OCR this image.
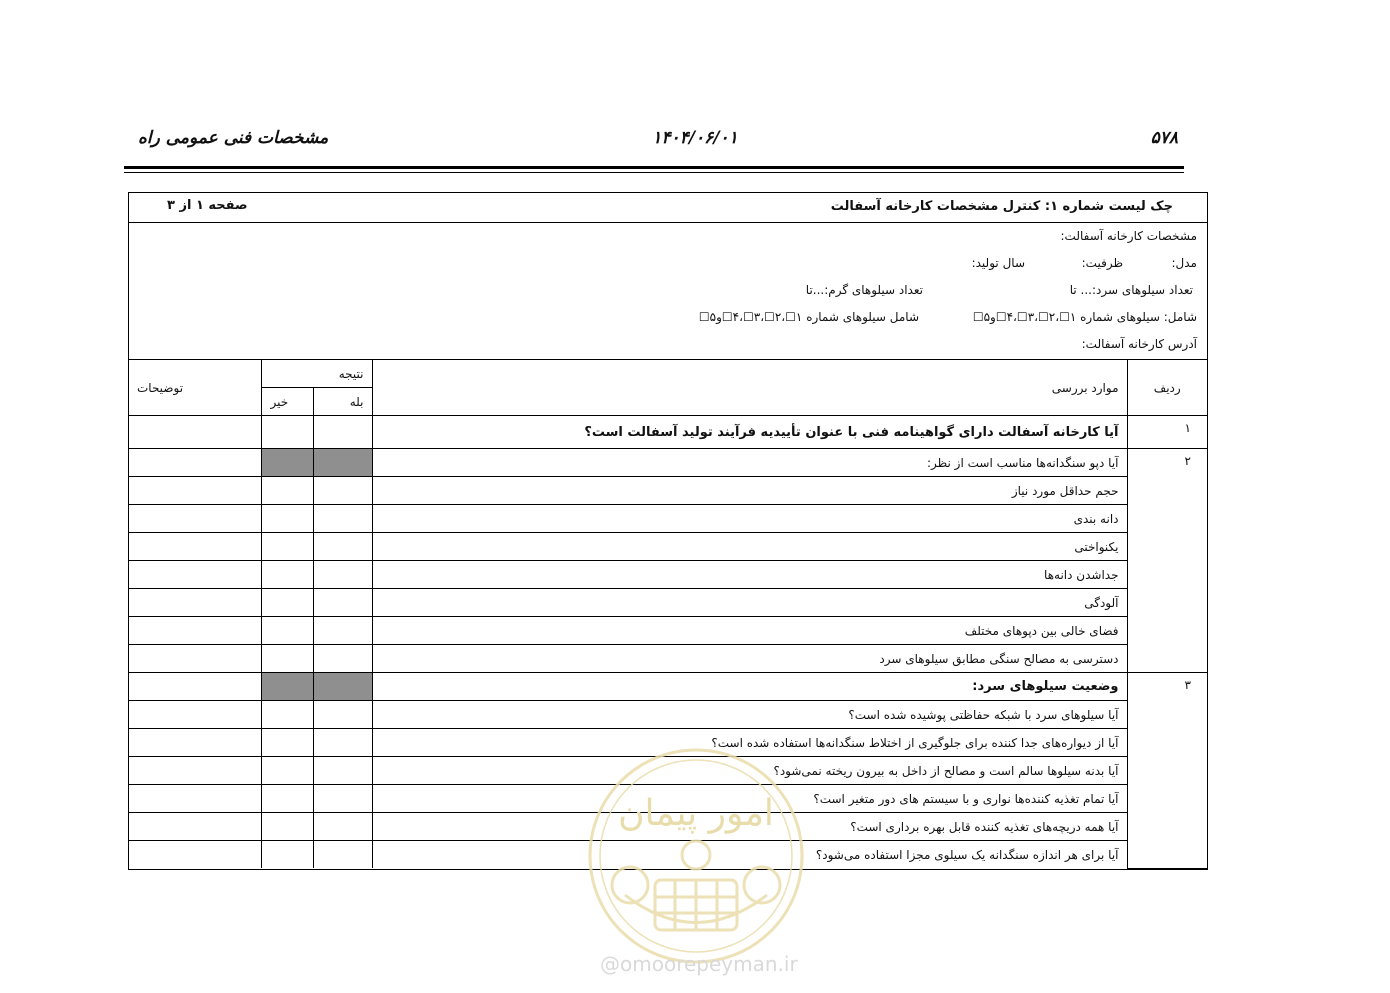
۵۷۸
۱۴۰۴/۰۶/۰۱
مشخصات فنی عمومی راه
چک لیست شماره ۱: کنترل مشخصات کارخانه آسفالت
صفحه ۱ از ۳
مشخصات کارخانه آسفالت:
مدل:
ظرفیت:
سال تولید:
تعداد سیلوهای سرد:... تا
تعداد سیلوهای گرم:...تا
شامل: سیلوهای شماره ۱☐،۲☐،۳☐،۴☐و۵☐
شامل سیلوهای شماره ۱☐،۲☐،۳☐،۴☐و۵☐
آدرس کارخانه آسفالت:
ردیف	موارد بررسی	نتیجه		توضیحات
		بله	خیر	
۱	آیا کارخانه آسفالت دارای گواهینامه فنی با عنوان تأییدیه فرآیند تولید آسفالت است؟			
۲	آیا دپو سنگدانه‌ها مناسب است از نظر:			
	حجم حداقل مورد نیاز			
	دانه بندی			
	یکنواختی			
	جداشدن دانه‌ها			
	آلودگی			
	فضای خالی بین دپوهای مختلف			
	دسترسی به مصالح سنگی مطابق سیلوهای سرد			
۳	وضعیت سیلوهای سرد:			
	آیا سیلوهای سرد با شبکه حفاظتی پوشیده شده است؟			
	آیا از دیواره‌های جدا کننده برای جلوگیری از اختلاط سنگدانه‌ها استفاده شده است؟			
	آیا بدنه سیلوها سالم است و مصالح از داخل به بیرون ریخته نمی‌شود؟			
	آیا تمام تغذیه کننده‌ها نواری و با سیستم های دور متغیر است؟			
	آیا همه دریچه‌های تغذیه کننده قابل بهره برداری است؟			
	آیا برای هر اندازه سنگدانه یک سیلوی مجزا استفاده می‌شود؟			
امور پیمان
@omoorepeyman.ir
